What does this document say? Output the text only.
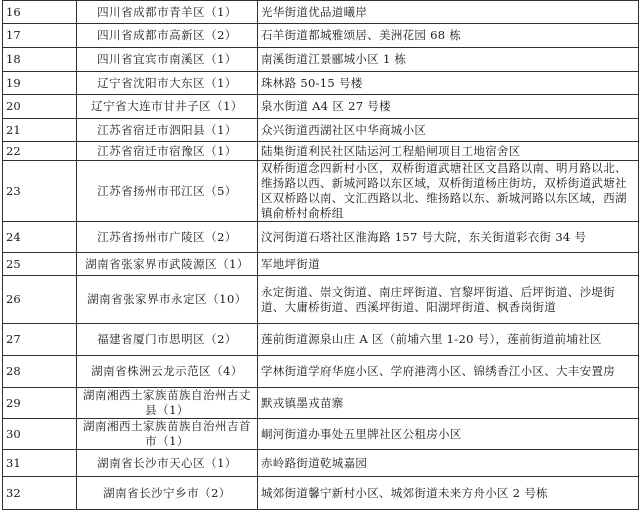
16	四川省成都市青羊区（1）	光华街道优品道曦岸
17	四川省成都市高新区（2）	石羊街道都城雅颂居、美洲花园 68 栋
18	四川省宜宾市南溪区（1）	南溪街道江景郦城小区 1 栋
19	辽宁省沈阳市大东区（1）	珠林路 50-15 号楼
20	辽宁省大连市甘井子区（1）	泉水街道 A4 区 27 号楼
21	江苏省宿迁市泗阳县（1）	众兴街道西湖社区中华商城小区
22	江苏省宿迁市宿豫区（1）	陆集街道利民社区陆运河工程船闸项目工地宿舍区
23	江苏省扬州市邗江区（5）	双桥街道念四新村小区，双桥街道武塘社区文昌路以南、明月路以北、维扬路以西、新城河路以东区域，双桥街道杨庄街坊，双桥街道武塘社区双桥路以南、文汇西路以北、维扬路以东、新城河路以东区域，西湖镇俞桥村俞桥组
24	江苏省扬州市广陵区（2）	汶河街道石塔社区淮海路 157 号大院，东关街道彩衣街 34 号
25	湖南省张家界市武陵源区（1）	军地坪街道
26	湖南省张家界市永定区（10）	永定街道、崇文街道、南庄坪街道、官黎坪街道、后坪街道、沙堤街道、大庸桥街道、西溪坪街道、阳湖坪街道、枫香岗街道
27	福建省厦门市思明区（2）	莲前街道源泉山庄 A 区（前埔六里 1-20 号），莲前街道前埔社区
28	湖南省株洲云龙示范区（4）	学林街道学府华庭小区、学府港湾小区、锦绣香江小区、大丰安置房
29	湖南湘西土家族苗族自治州古丈县（1）	默戎镇墨戎苗寨
30	湖南湘西土家族苗族自治州吉首市（1）	峒河街道办事处五里牌社区公租房小区
31	湖南省长沙市天心区（1）	赤岭路街道乾城嘉园
32	湖南省长沙宁乡市（2）	城郊街道馨宁新村小区、城郊街道未来方舟小区 2 号栋
